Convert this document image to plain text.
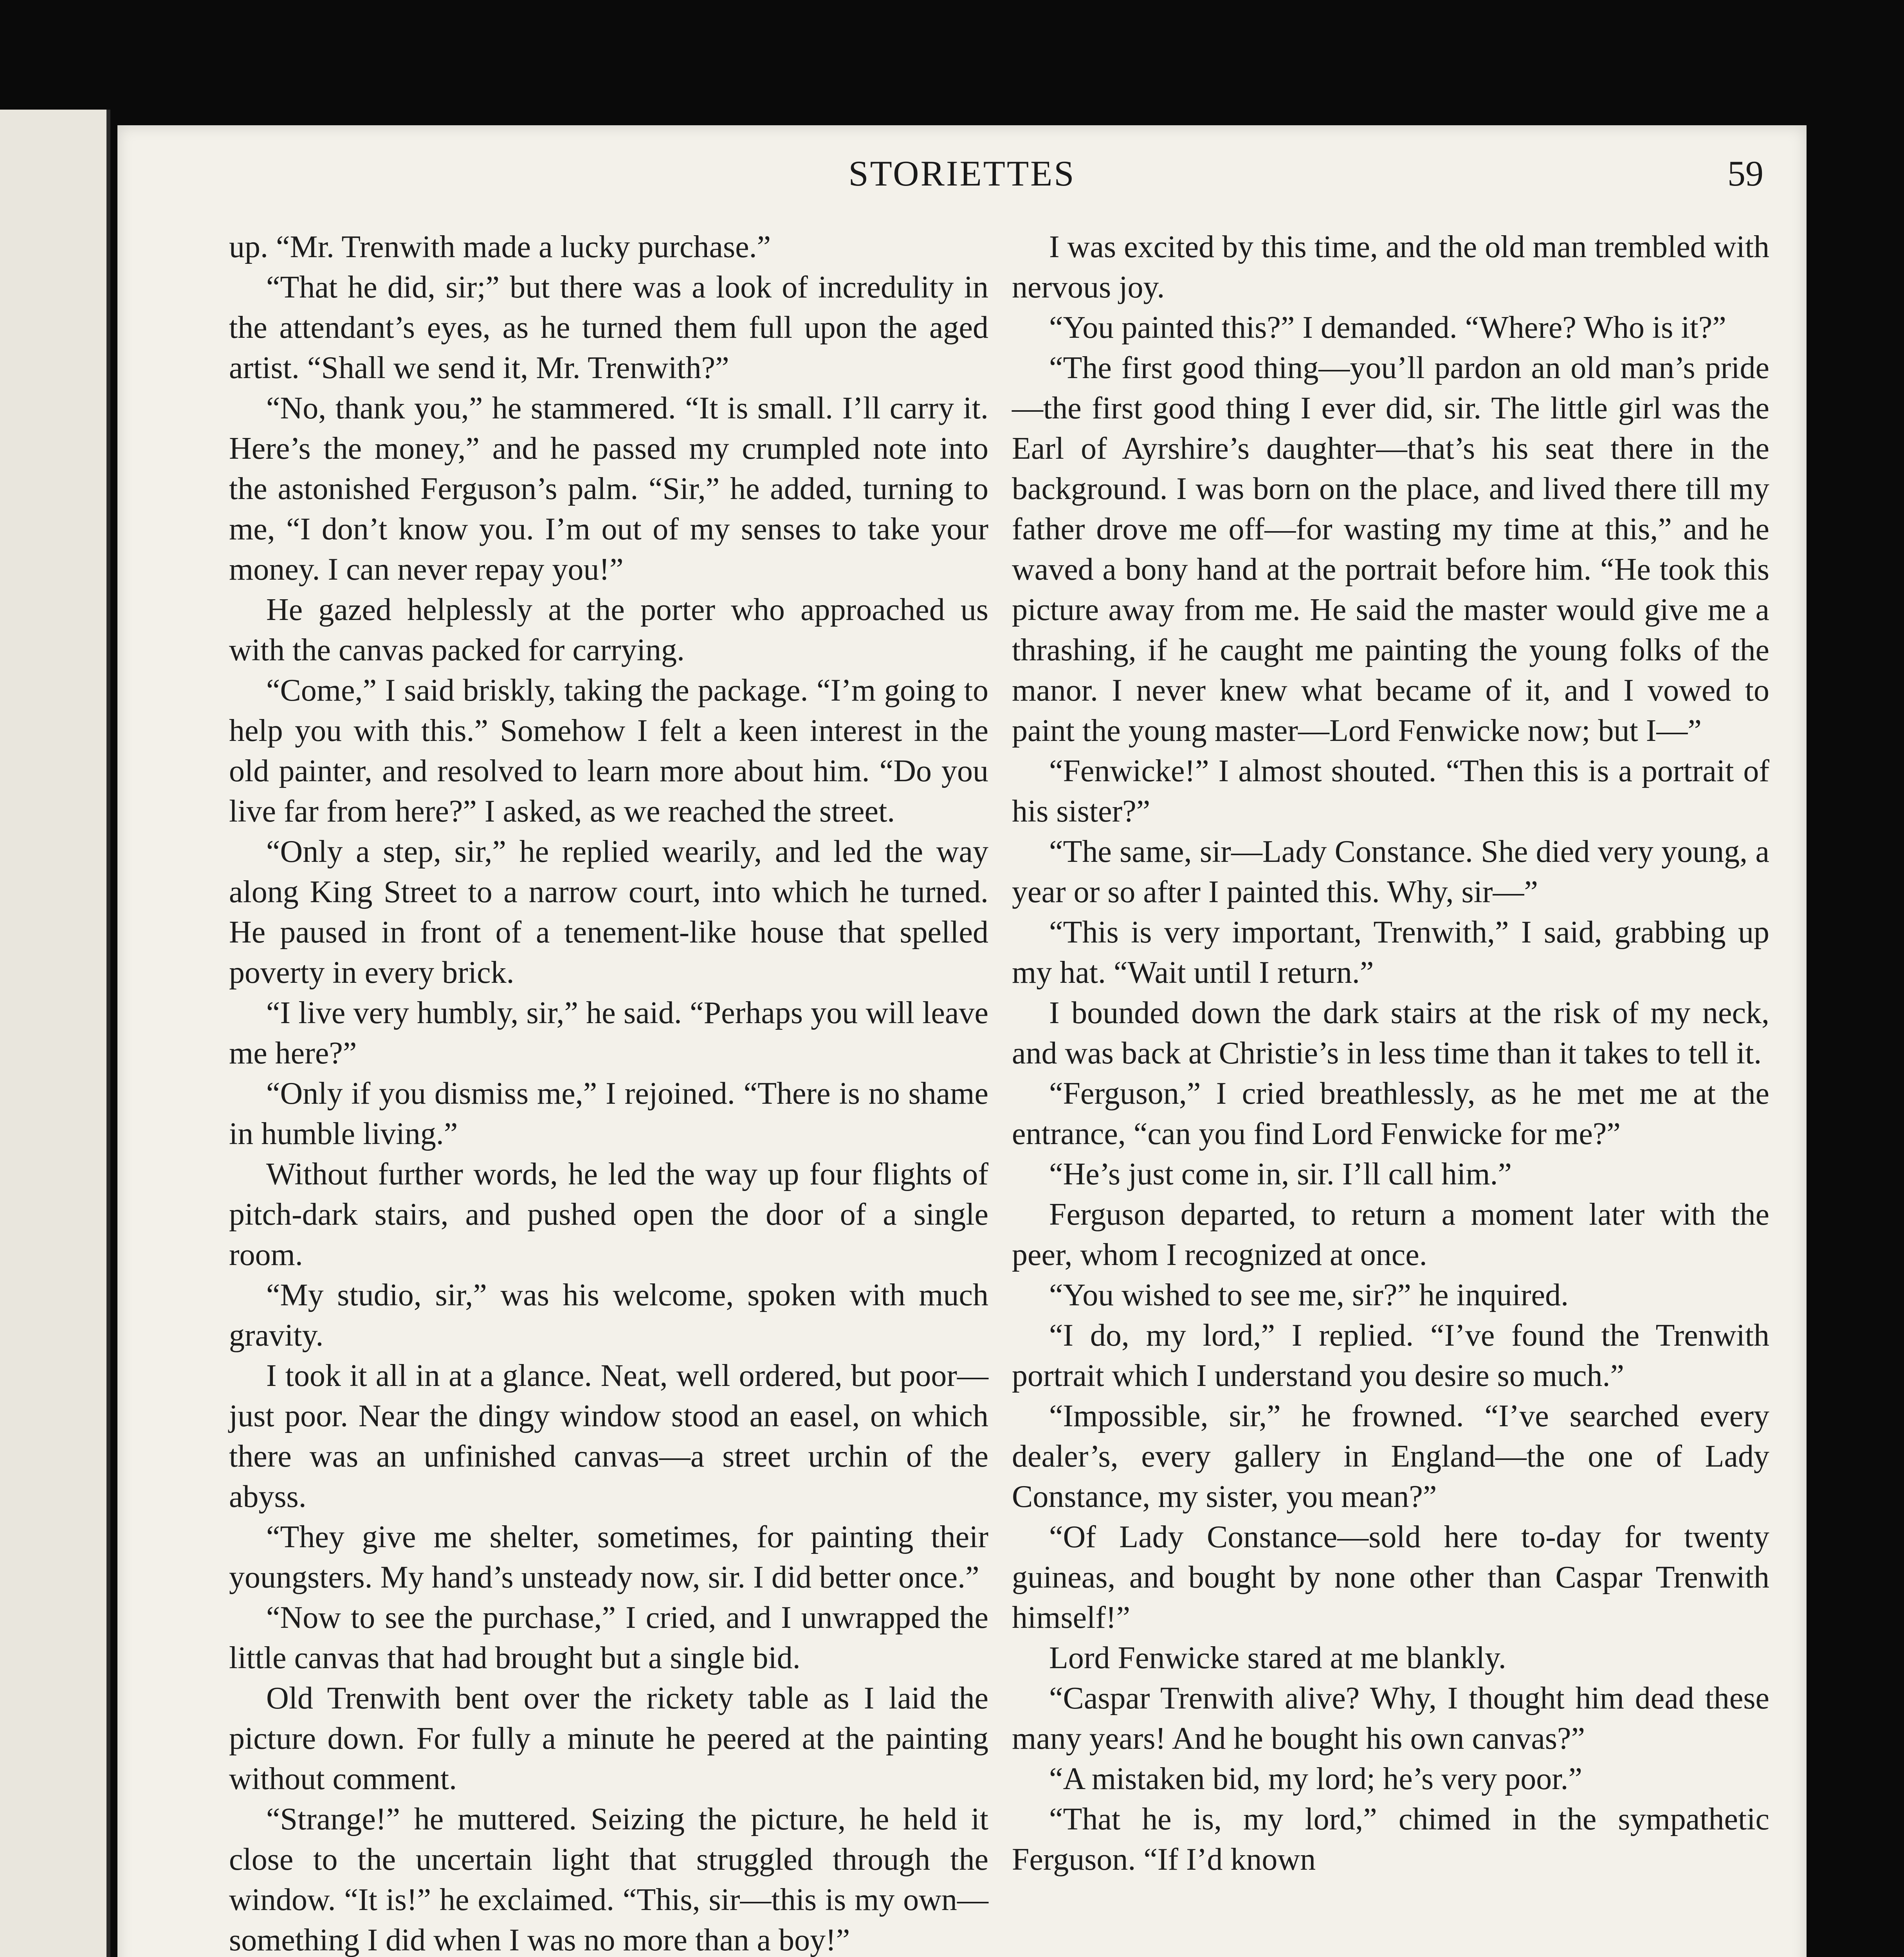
STORIETTES	59

up. “Mr. Trenwith made a lucky purchase.”

“That he did, sir;” but there was a look of incredulity in the attendant’s eyes, as he turned them full upon the aged artist. “Shall we send it, Mr. Trenwith?”

“No, thank you,” he stammered. “It is small. I’ll carry it. Here’s the money,” and he passed my crumpled note into the astonished Ferguson’s palm. “Sir,” he added, turning to me, “I don’t know you. I’m out of my senses to take your money. I can never repay you!”

He gazed helplessly at the porter who approached us with the canvas packed for carrying.

“Come,” I said briskly, taking the package. “I’m going to help you with this.” Somehow I felt a keen interest in the old painter, and resolved to learn more about him. “Do you live far from here?” I asked, as we reached the street.

“Only a step, sir,” he replied wearily, and led the way along King Street to a narrow court, into which he turned. He paused in front of a tenement-like house that spelled poverty in every brick.

“I live very humbly, sir,” he said. “Perhaps you will leave me here?”

“Only if you dismiss me,” I rejoined. “There is no shame in humble living.”

Without further words, he led the way up four flights of pitch-dark stairs, and pushed open the door of a single room.

“My studio, sir,” was his welcome, spoken with much gravity.

I took it all in at a glance. Neat, well ordered, but poor—just poor. Near the dingy window stood an easel, on which there was an unfinished canvas—a street urchin of the abyss.

“They give me shelter, sometimes, for painting their youngsters. My hand’s unsteady now, sir. I did better once.”

“Now to see the purchase,” I cried, and I unwrapped the little canvas that had brought but a single bid.

Old Trenwith bent over the rickety table as I laid the picture down. For fully a minute he peered at the painting without comment.

“Strange!” he muttered. Seizing the picture, he held it close to the uncertain light that struggled through the window. “It is!” he exclaimed. “This, sir—this is my own—something I did when I was no more than a boy!”

I was excited by this time, and the old man trembled with nervous joy.

“You painted this?” I demanded. “Where? Who is it?”

“The first good thing—you’ll pardon an old man’s pride—the first good thing I ever did, sir. The little girl was the Earl of Ayrshire’s daughter—that’s his seat there in the background. I was born on the place, and lived there till my father drove me off—for wasting my time at this,” and he waved a bony hand at the portrait before him. “He took this picture away from me. He said the master would give me a thrashing, if he caught me painting the young folks of the manor. I never knew what became of it, and I vowed to paint the young master—Lord Fenwicke now; but I—”

“Fenwicke!” I almost shouted. “Then this is a portrait of his sister?”

“The same, sir—Lady Constance. She died very young, a year or so after I painted this. Why, sir—”

“This is very important, Trenwith,” I said, grabbing up my hat. “Wait until I return.”

I bounded down the dark stairs at the risk of my neck, and was back at Christie’s in less time than it takes to tell it.

“Ferguson,” I cried breathlessly, as he met me at the entrance, “can you find Lord Fenwicke for me?”

“He’s just come in, sir. I’ll call him.”

Ferguson departed, to return a moment later with the peer, whom I recognized at once.

“You wished to see me, sir?” he inquired.

“I do, my lord,” I replied. “I’ve found the Trenwith portrait which I understand you desire so much.”

“Impossible, sir,” he frowned. “I’ve searched every dealer’s, every gallery in England—the one of Lady Constance, my sister, you mean?”

“Of Lady Constance—sold here to-day for twenty guineas, and bought by none other than Caspar Trenwith himself!”

Lord Fenwicke stared at me blankly.

“Caspar Trenwith alive? Why, I thought him dead these many years! And he bought his own canvas?”

“A mistaken bid, my lord; he’s very poor.”

“That he is, my lord,” chimed in the sympathetic Ferguson. “If I’d known
